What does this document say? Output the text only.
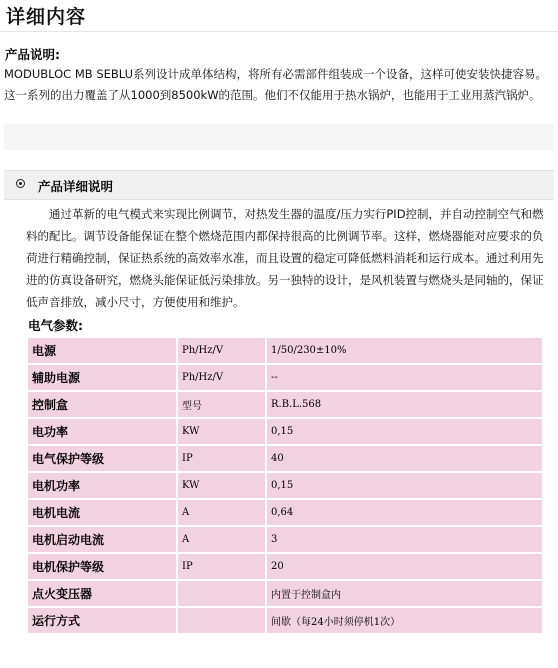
详细内容
产品说明:
MODUBLOC MB SEBLU系列设计成单体结构，将所有必需部件组装成一个设备，这样可使安装快捷容易。这一系列的出力覆盖了从1000到8500kW的范围。他们不仅能用于热水锅炉，也能用于工业用蒸汽锅炉。
产品详细说明
通过革新的电气模式来实现比例调节，对热发生器的温度/压力实行PID控制，并自动控制空气和燃料的配比。调节设备能保证在整个燃烧范围内都保持很高的比例调节率。这样，燃烧器能对应要求的负荷进行精确控制，保证热系统的高效率水准，而且设置的稳定可降低燃料消耗和运行成本。通过利用先进的仿真设备研究，燃烧头能保证低污染排放。另一独特的设计，是风机装置与燃烧头是同轴的，保证低声音排放，减小尺寸，方便使用和维护。
电气参数:
电源	Ph/Hz/V	1/50/230±10%
辅助电源	Ph/Hz/V	--
控制盒	型号	R.B.L.568
电功率	KW	0,15
电气保护等级	IP	40
电机功率	KW	0,15
电机电流	A	0,64
电机启动电流	A	3
电机保护等级	IP	20
点火变压器		内置于控制盒内
运行方式		间歇（每24小时须停机1次）
